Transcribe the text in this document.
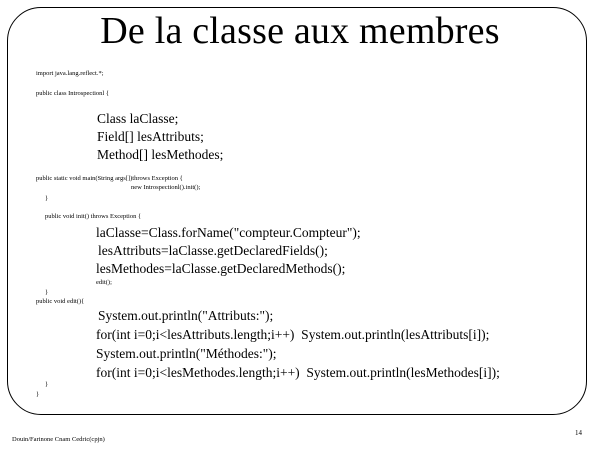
De la classe aux membres
import java.lang.reflect.*;
public class Introspectionl {
Class laClasse;
Field[] lesAttributs;
Method[] lesMethodes;
public static void main(String args[])throws Exception {
new Introspectionl().init();
}
public void init() throws Exception {
laClasse=Class.forName("compteur.Compteur");
lesAttributs=laClasse.getDeclaredFields();
lesMethodes=laClasse.getDeclaredMethods();
edit();
}
public void edit(){
System.out.println("Attributs:");
for(int i=0;i<lesAttributs.length;i++)  System.out.println(lesAttributs[i]);
System.out.println("Méthodes:");
for(int i=0;i<lesMethodes.length;i++)  System.out.println(lesMethodes[i]);
}
}
Douin/Farinone Cnam Cedric(cpjn)
14
